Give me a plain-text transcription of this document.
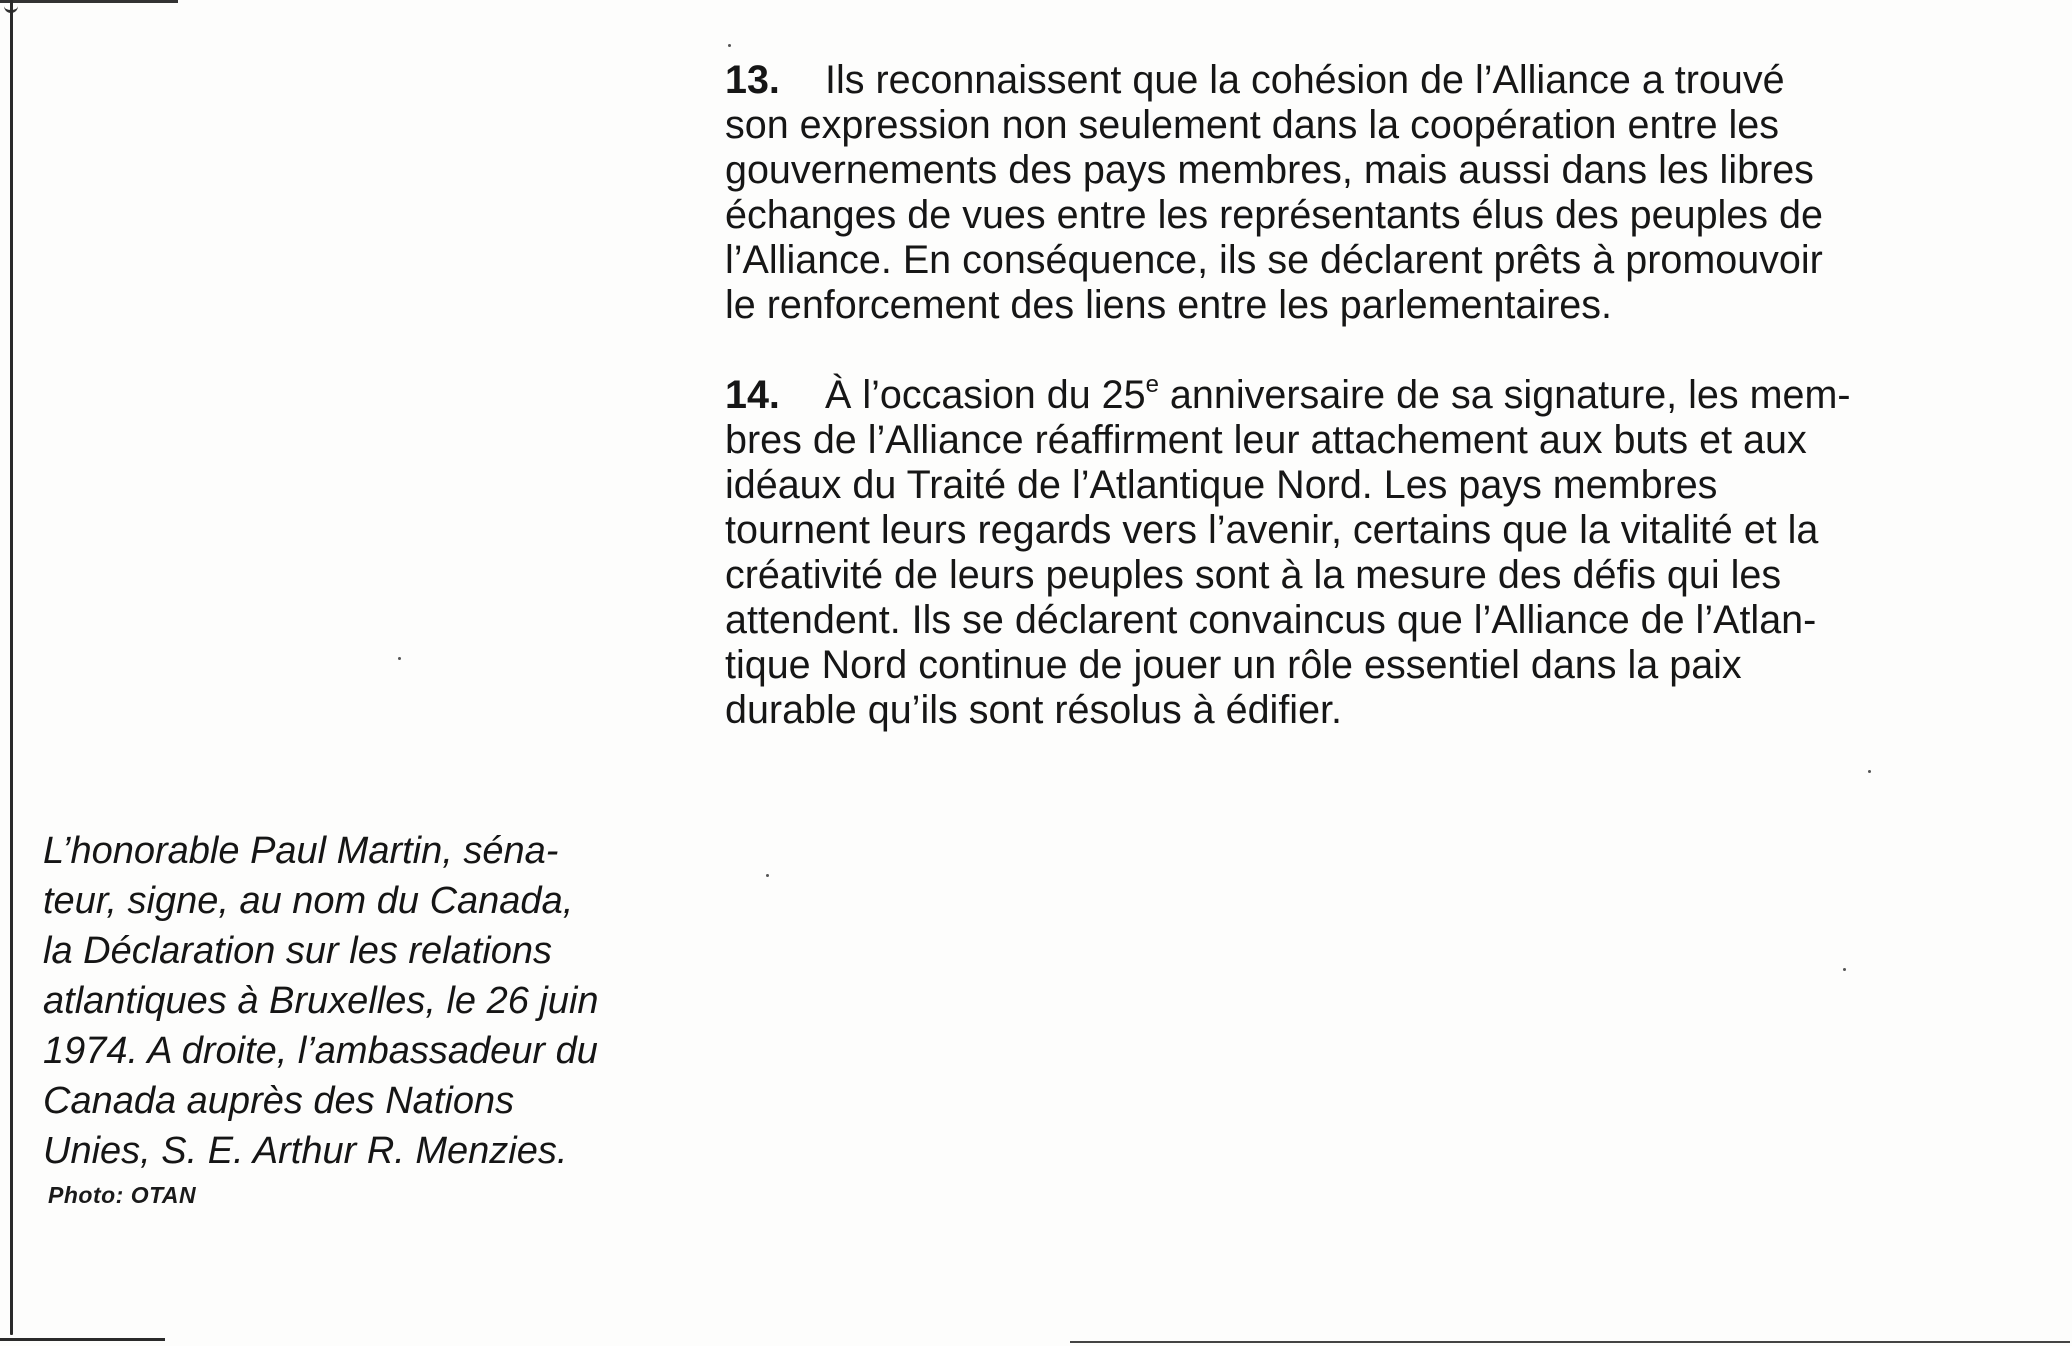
13. Ils reconnaissent que la cohésion de l’Alliance a trouvé
son expression non seulement dans la coopération entre les
gouvernements des pays membres, mais aussi dans les libres
échanges de vues entre les représentants élus des peuples de
l’Alliance. En conséquence, ils se déclarent prêts à promouvoir
le renforcement des liens entre les parlementaires.
14. À l’occasion du 25e anniversaire de sa signature, les mem-
bres de l’Alliance réaffirment leur attachement aux buts et aux
idéaux du Traité de l’Atlantique Nord. Les pays membres
tournent leurs regards vers l’avenir, certains que la vitalité et la
créativité de leurs peuples sont à la mesure des défis qui les
attendent. Ils se déclarent convaincus que l’Alliance de l’Atlan-
tique Nord continue de jouer un rôle essentiel dans la paix
durable qu’ils sont résolus à édifier.
L’honorable Paul Martin, séna-
teur, signe, au nom du Canada,
la Déclaration sur les relations
atlantiques à Bruxelles, le 26 juin
1974. A droite, l’ambassadeur du
Canada auprès des Nations
Unies, S. E. Arthur R. Menzies.
Photo: OTAN
